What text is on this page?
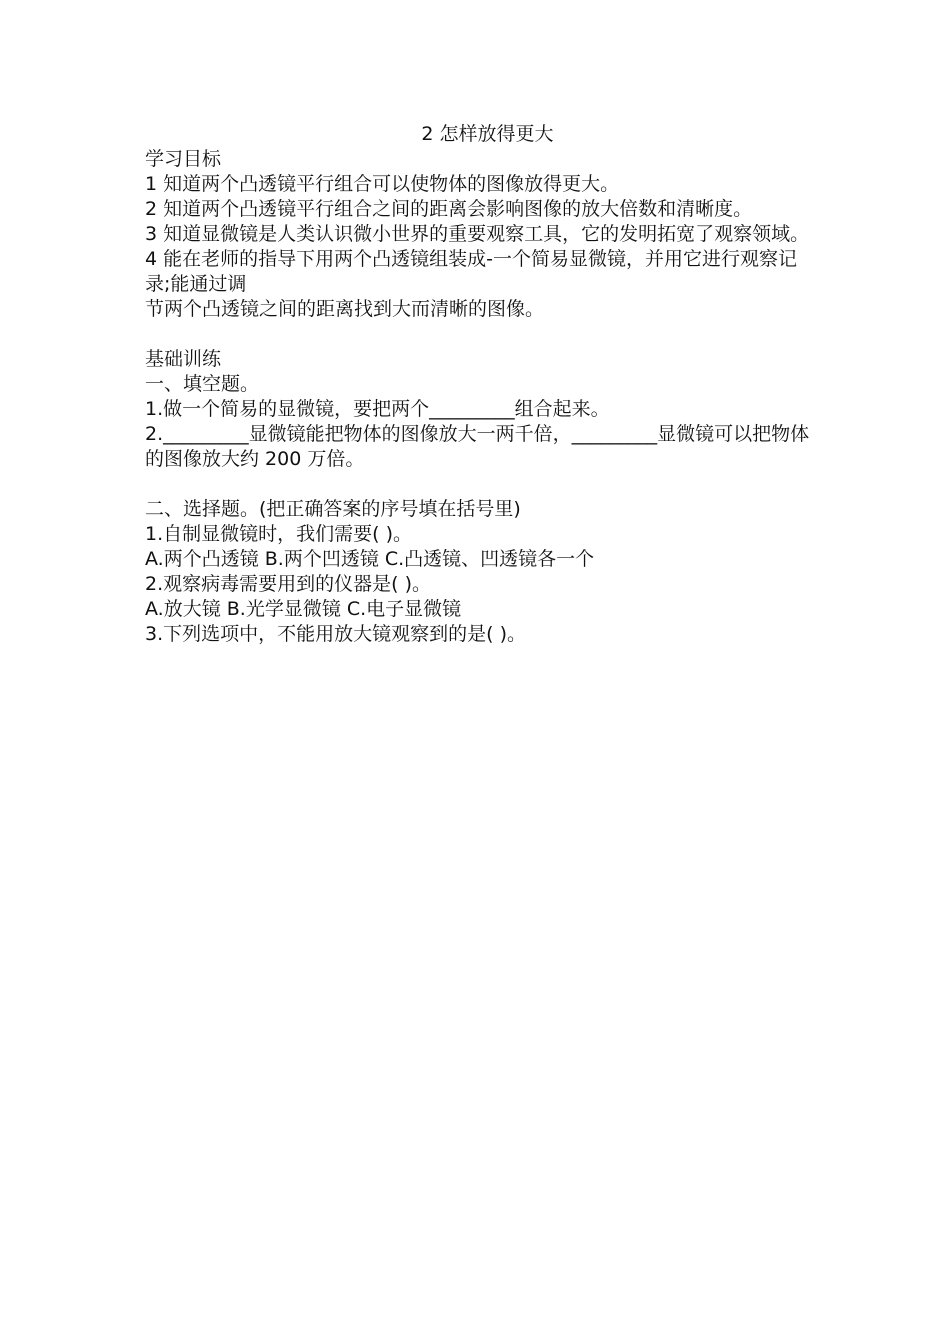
2 怎样放得更大
学习目标
1 知道两个凸透镜平行组合可以使物体的图像放得更大。
2 知道两个凸透镜平行组合之间的距离会影响图像的放大倍数和清晰度。
3 知道显微镜是人类认识微小世界的重要观察工具，它的发明拓宽了观察领域。
4 能在老师的指导下用两个凸透镜组装成-一个简易显微镜，并用它进行观察记录;能通过调
节两个凸透镜之间的距离找到大而清晰的图像。
基础训练
一、填空题。
1.做一个简易的显微镜，要把两个_________组合起来。
2._________显微镜能把物体的图像放大一两千倍，_________显微镜可以把物体的图像放大约 200 万倍。
二、选择题。(把正确答案的序号填在括号里)
1.自制显微镜时，我们需要( )。
A.两个凸透镜 B.两个凹透镜 C.凸透镜、凹透镜各一个
2.观察病毒需要用到的仪器是( )。
A.放大镜 B.光学显微镜 C.电子显微镜
3.下列选项中，不能用放大镜观察到的是( )。
